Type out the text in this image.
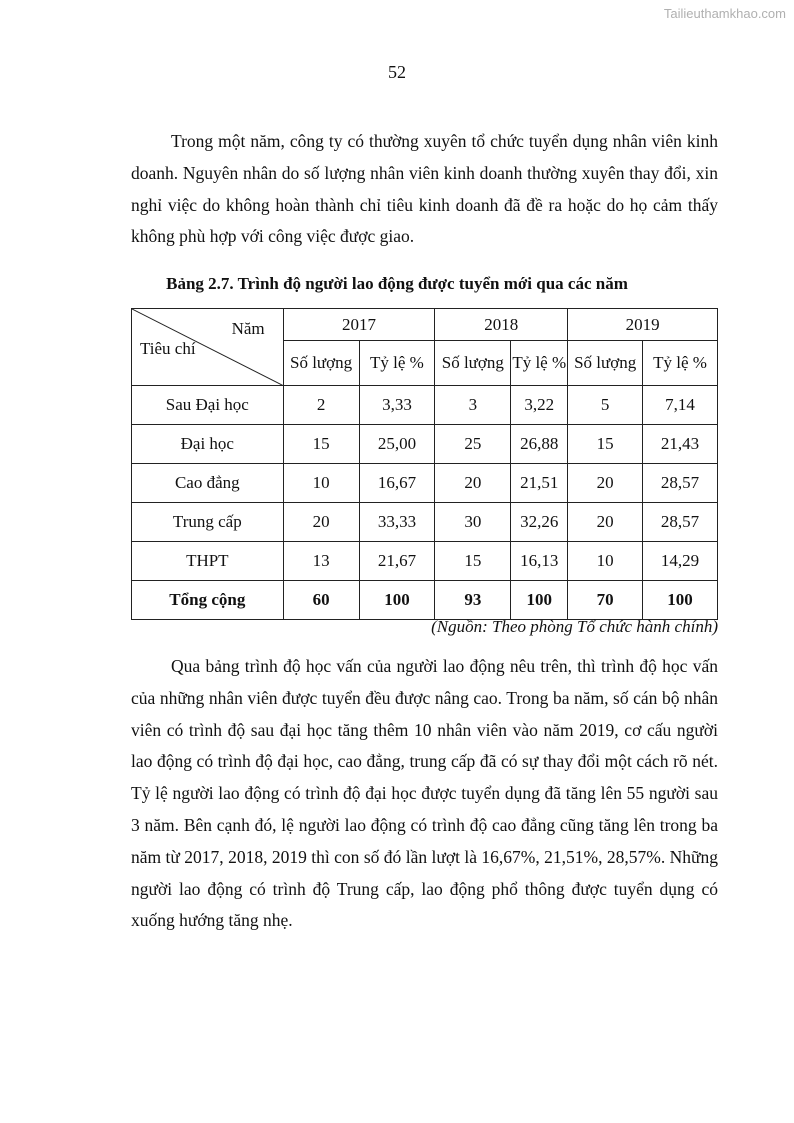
Tailieuthamkhao.com
52

Trong một năm, công ty có thường xuyên tổ chức tuyển dụng nhân viên kinh doanh. Nguyên nhân do số lượng nhân viên kinh doanh thường xuyên thay đổi, xin nghỉ việc do không hoàn thành chỉ tiêu kinh doanh đã đề ra hoặc do họ cảm thấy không phù hợp với công việc được giao.

Bảng 2.7. Trình độ người lao động được tuyển mới qua các năm
Năm
Tiêu chí	2017		2018		2019	
	Số lượng	Tỷ lệ %	Số lượng	Tỷ lệ %	Số lượng	Tỷ lệ %
Sau Đại học	2	3,33	3	3,22	5	7,14
Đại học	15	25,00	25	26,88	15	21,43
Cao đẳng	10	16,67	20	21,51	20	28,57
Trung cấp	20	33,33	30	32,26	20	28,57
THPT	13	21,67	15	16,13	10	14,29
Tổng cộng	60	100	93	100	70	100
(Nguồn: Theo phòng Tổ chức hành chính)

Qua bảng trình độ học vấn của người lao động nêu trên, thì trình độ học vấn của những nhân viên được tuyển đều được nâng cao. Trong ba năm, số cán bộ nhân viên có trình độ sau đại học tăng thêm 10 nhân viên vào năm 2019, cơ cấu người lao động có trình độ đại học, cao đẳng, trung cấp đã có sự thay đổi một cách rõ nét. Tỷ lệ người lao động có trình độ đại học được tuyển dụng đã tăng lên 55 người sau 3 năm. Bên cạnh đó, lệ người lao động có trình độ cao đẳng cũng tăng lên trong ba năm từ 2017, 2018, 2019 thì con số đó lần lượt là 16,67%, 21,51%, 28,57%. Những người lao động có trình độ Trung cấp, lao động phổ thông được tuyển dụng có xuống hướng tăng nhẹ.
